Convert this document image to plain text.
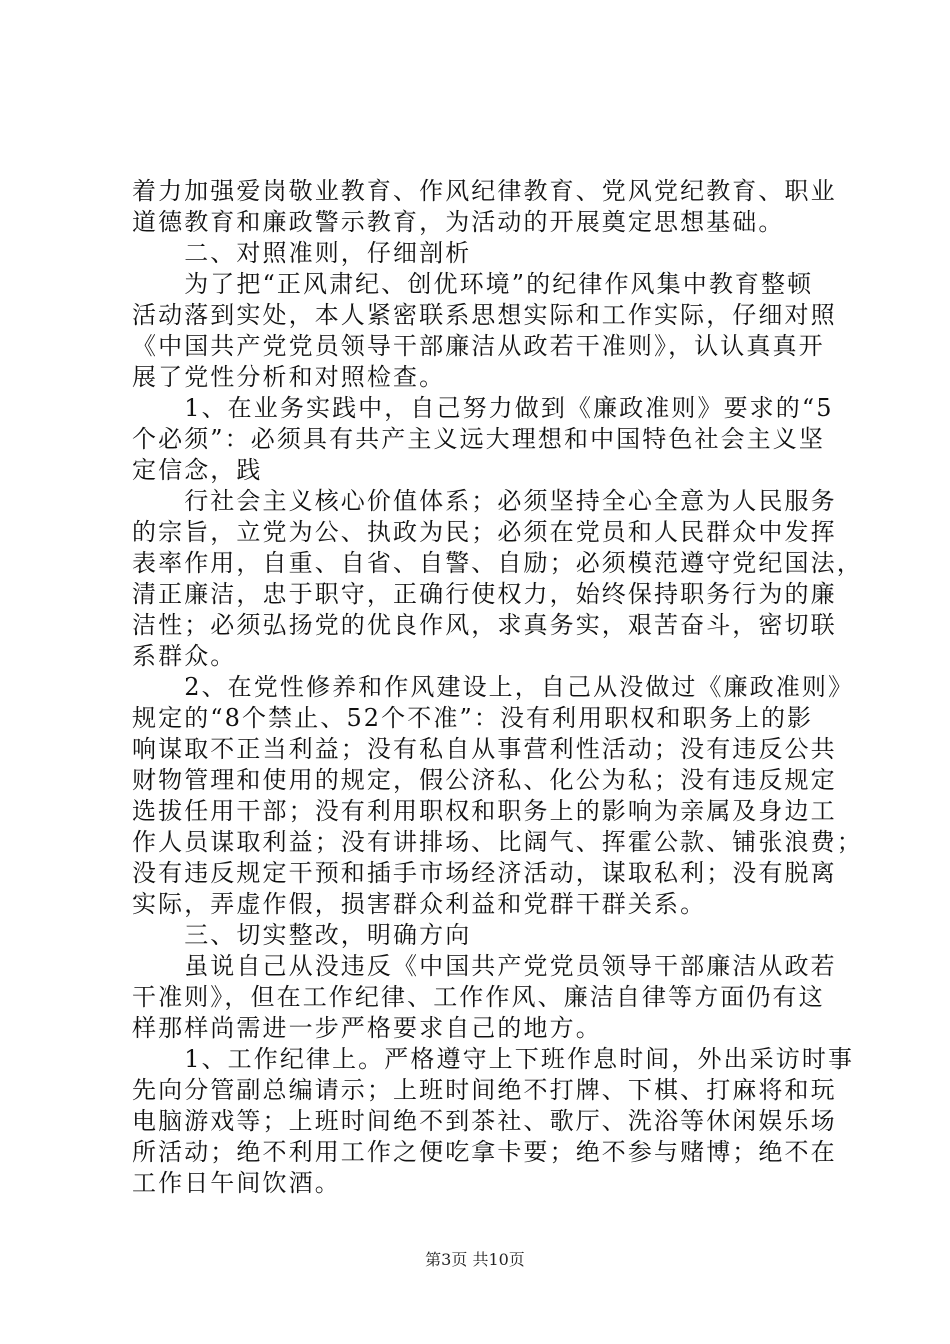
着力加强爱岗敬业教育、作风纪律教育、党风党纪教育、职业
道德教育和廉政警示教育，为活动的开展奠定思想基础。
　　二、对照准则，仔细剖析
　　为了把“正风肃纪、创优环境”的纪律作风集中教育整顿
活动落到实处，本人紧密联系思想实际和工作实际，仔细对照
《中国共产党党员领导干部廉洁从政若干准则》，认认真真开
展了党性分析和对照检查。
　　1、在业务实践中，自己努力做到《廉政准则》要求的“5
个必须”：必须具有共产主义远大理想和中国特色社会主义坚
定信念，践
　　行社会主义核心价值体系；必须坚持全心全意为人民服务
的宗旨，立党为公、执政为民；必须在党员和人民群众中发挥
表率作用，自重、自省、自警、自励；必须模范遵守党纪国法，
清正廉洁，忠于职守，正确行使权力，始终保持职务行为的廉
洁性；必须弘扬党的优良作风，求真务实，艰苦奋斗，密切联
系群众。
　　2、在党性修养和作风建设上，自己从没做过《廉政准则》
规定的“8个禁止、52个不准”：没有利用职权和职务上的影
响谋取不正当利益；没有私自从事营利性活动；没有违反公共
财物管理和使用的规定，假公济私、化公为私；没有违反规定
选拔任用干部；没有利用职权和职务上的影响为亲属及身边工
作人员谋取利益；没有讲排场、比阔气、挥霍公款、铺张浪费；
没有违反规定干预和插手市场经济活动，谋取私利；没有脱离
实际，弄虚作假，损害群众利益和党群干群关系。
　　三、切实整改，明确方向
　　虽说自己从没违反《中国共产党党员领导干部廉洁从政若
干准则》，但在工作纪律、工作作风、廉洁自律等方面仍有这
样那样尚需进一步严格要求自己的地方。
　　1、工作纪律上。严格遵守上下班作息时间，外出采访时事
先向分管副总编请示；上班时间绝不打牌、下棋、打麻将和玩
电脑游戏等；上班时间绝不到茶社、歌厅、洗浴等休闲娱乐场
所活动；绝不利用工作之便吃拿卡要；绝不参与赌博；绝不在
工作日午间饮酒。
第3页 共10页
